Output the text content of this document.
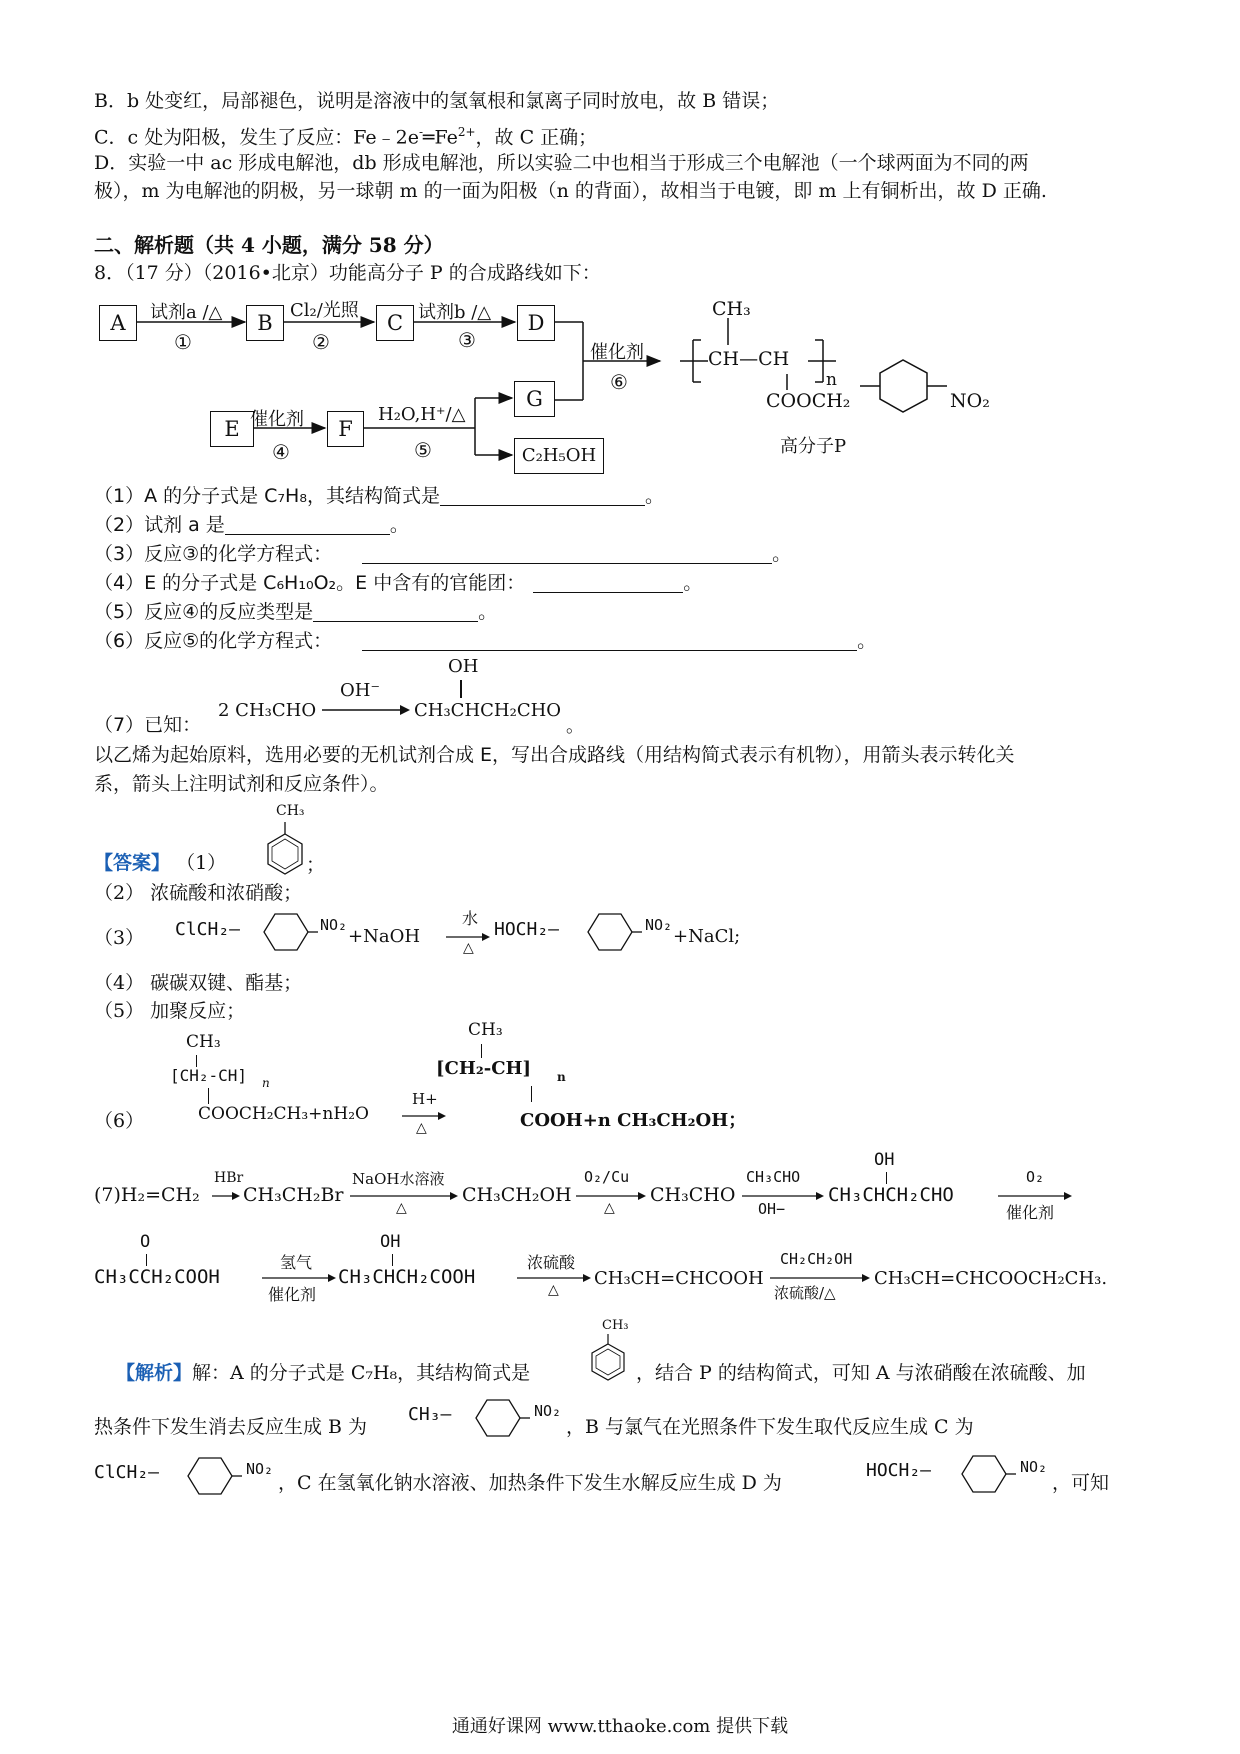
B．b 处变红，局部褪色，说明是溶液中的氢氧根和氯离子同时放电，故 B 错误；
C．c 处为阳极，发生了反应：$Fe﹣2e^-═Fe^{2+}$，故 C 正确；
D．实验一中 ac 形成电解池，db 形成电解池，所以实验二中也相当于形成三个电解池（一个球两面为不同的两
极），m 为电解池的阴极，另一球朝 m 的一面为阳极（n 的背面），故相当于电镀，即 m 上有铜析出，故 D 正确.
二、解析题（共 4 小题，满分 58 分）
8．（17 分）（2016•北京）功能高分子 P 的合成路线如下：
A	B	C	D
E	F
G
C₂H₅OH
试剂a /△
①
Cl₂/光照
②
试剂b /△
③
催化剂
⑥
催化剂
④
H₂O,H⁺/△
⑤
CH₃
CH—CH
n
COOCH₂	NO₂
高分子P
（1）A 的分子式是 C₇H₈，其结构简式是	。
（2）试剂 a 是	。
（3）反应③的化学方程式：	。
（4）E 的分子式是 C₆H₁₀O₂。E 中含有的官能团：	。
（5）反应④的反应类型是	。
（6）反应⑤的化学方程式：	。
（7）已知：
2 CH₃CHO
OH⁻
OH
CH₃CHCH₂CHO
。
以乙烯为起始原料，选用必要的无机试剂合成 E，写出合成路线（用结构简式表示有机物），用箭头表示转化关
系，箭头上注明试剂和反应条件）。
【答案】 （1）
CH₃
；
（2） 浓硫酸和浓硝酸；
（3） ClCH₂—	NO₂
+NaOH
水
△
HOCH₂—	NO₂
+NaCl;
（4） 碳碳双键、酯基；
（5） 加聚反应；
（6）
CH₃
[CH₂-CH] n
COOCH₂CH₃+nH₂O
H+
△
CH₃
[CH₂-CH] n
COOH+n CH₃CH₂OH；
(7)H₂=CH₂
HBr
CH₃CH₂Br
NaOH水溶液
△
CH₃CH₂OH
O₂/Cu
△
CH₃CHO
CH₃CHO
OH−
OH
CH₃CHCH₂CHO
O₂
催化剂
O
CH₃CCH₂COOH
氢气
催化剂
OH
CH₃CHCH₂COOH
浓硫酸
△
CH₃CH=CHCOOH
CH₂CH₂OH
浓硫酸/△
CH₃CH=CHCOOCH₂CH₃.
【解析】解：A 的分子式是 C₇H₈，其结构简式是
CH₃
，结合 P 的结构简式，可知 A 与浓硝酸在浓硫酸、加
热条件下发生消去反应生成 B 为
CH₃—	NO₂
，B 与氯气在光照条件下发生取代反应生成 C 为
ClCH₂—	NO₂
，C 在氢氧化钠水溶液、加热条件下发生水解反应生成 D 为
HOCH₂—	NO₂
，可知
通通好课网 www.tthaoke.com 提供下载
